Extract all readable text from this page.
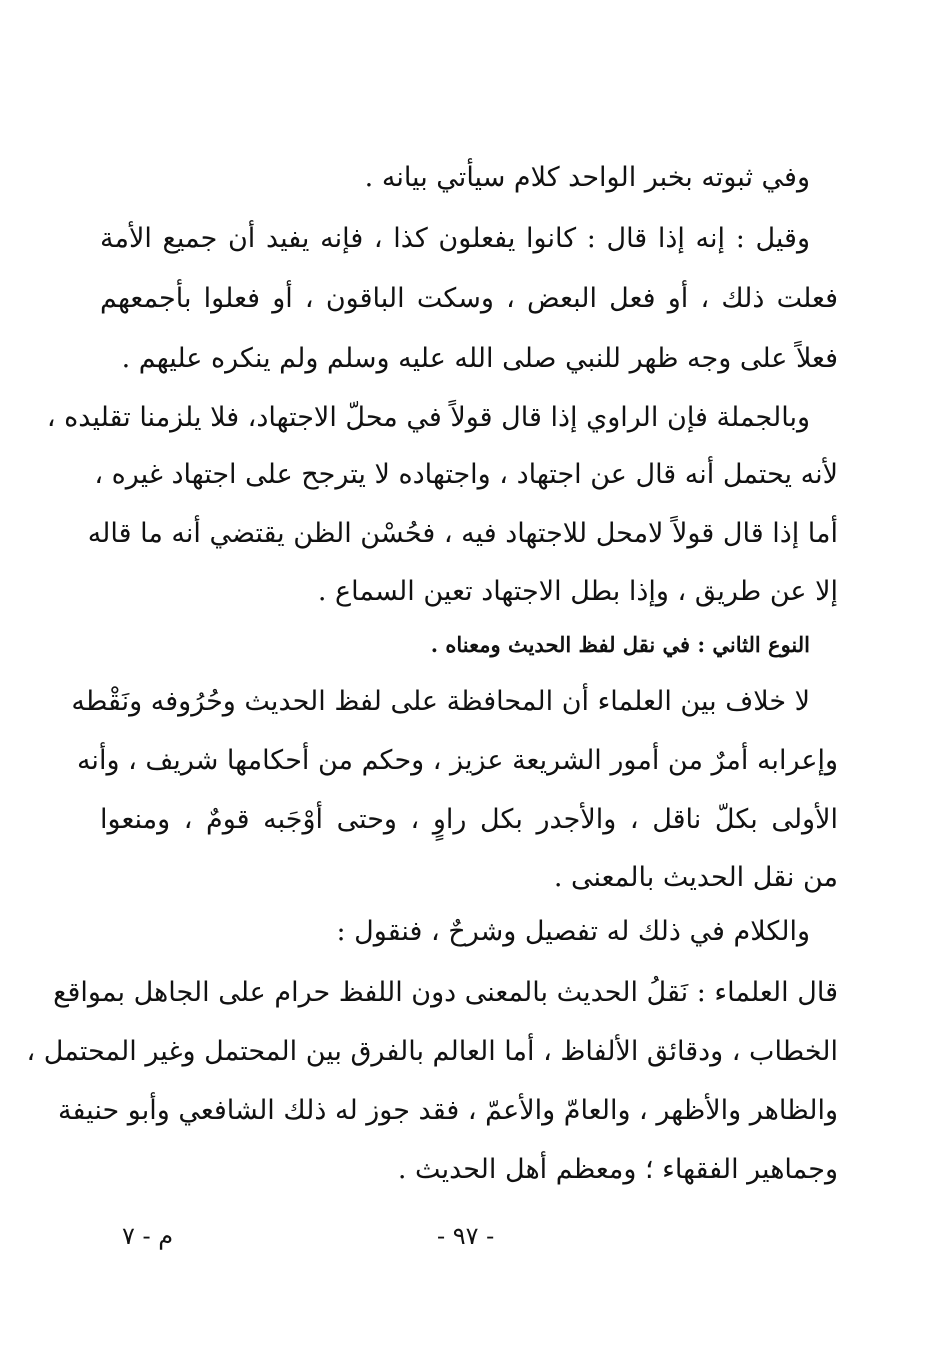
وفي ثبوته بخبر الواحد كلام سيأتي بيانه .
وقيل : إنه إذا قال : كانوا يفعلون كذا ، فإنه يفيد أن جميع الأمة
فعلت ذلك ، أو فعل البعض ، وسكت الباقون ، أو فعلوا بأجمعهم
فعلاً على وجه ظهر للنبي صلى الله عليه وسلم ولم ينكره عليهم .
وبالجملة فإن الراوي إذا قال قولاً في محلّ الاجتهاد، فلا يلزمنا تقليده ،
لأنه يحتمل أنه قال عن اجتهاد ، واجتهاده لا يترجح على اجتهاد غيره ،
أما إذا قال قولاً لامحل للاجتهاد فيه ، فحُسْن الظن يقتضي أنه ما قاله
إلا عن طريق ، وإذا بطل الاجتهاد تعين السماع .
النوع الثاني : في نقل لفظ الحديث ومعناه .
لا خلاف بين العلماء أن المحافظة على لفظ الحديث وحُرُوفه ونَقْطه
وإعرابه أمرٌ من أمور الشريعة عزيز ، وحكم من أحكامها شريف ، وأنه
الأولى بكلّ ناقل ، والأجدر بكل راوٍ ، وحتى أوْجَبه قومٌ ، ومنعوا
من نقل الحديث بالمعنى .
والكلام في ذلك له تفصيل وشرحٌ ، فنقول :
قال العلماء : نَقلُ الحديث بالمعنى دون اللفظ حرام على الجاهل بمواقع
الخطاب ، ودقائق الألفاظ ، أما العالم بالفرق بين المحتمل وغير المحتمل ،
والظاهر والأظهر ، والعامّ والأعمّ ، فقد جوز له ذلك الشافعي وأبو حنيفة
وجماهير الفقهاء ؛ ومعظم أهل الحديث .
- ٩٧ -
م - ٧
